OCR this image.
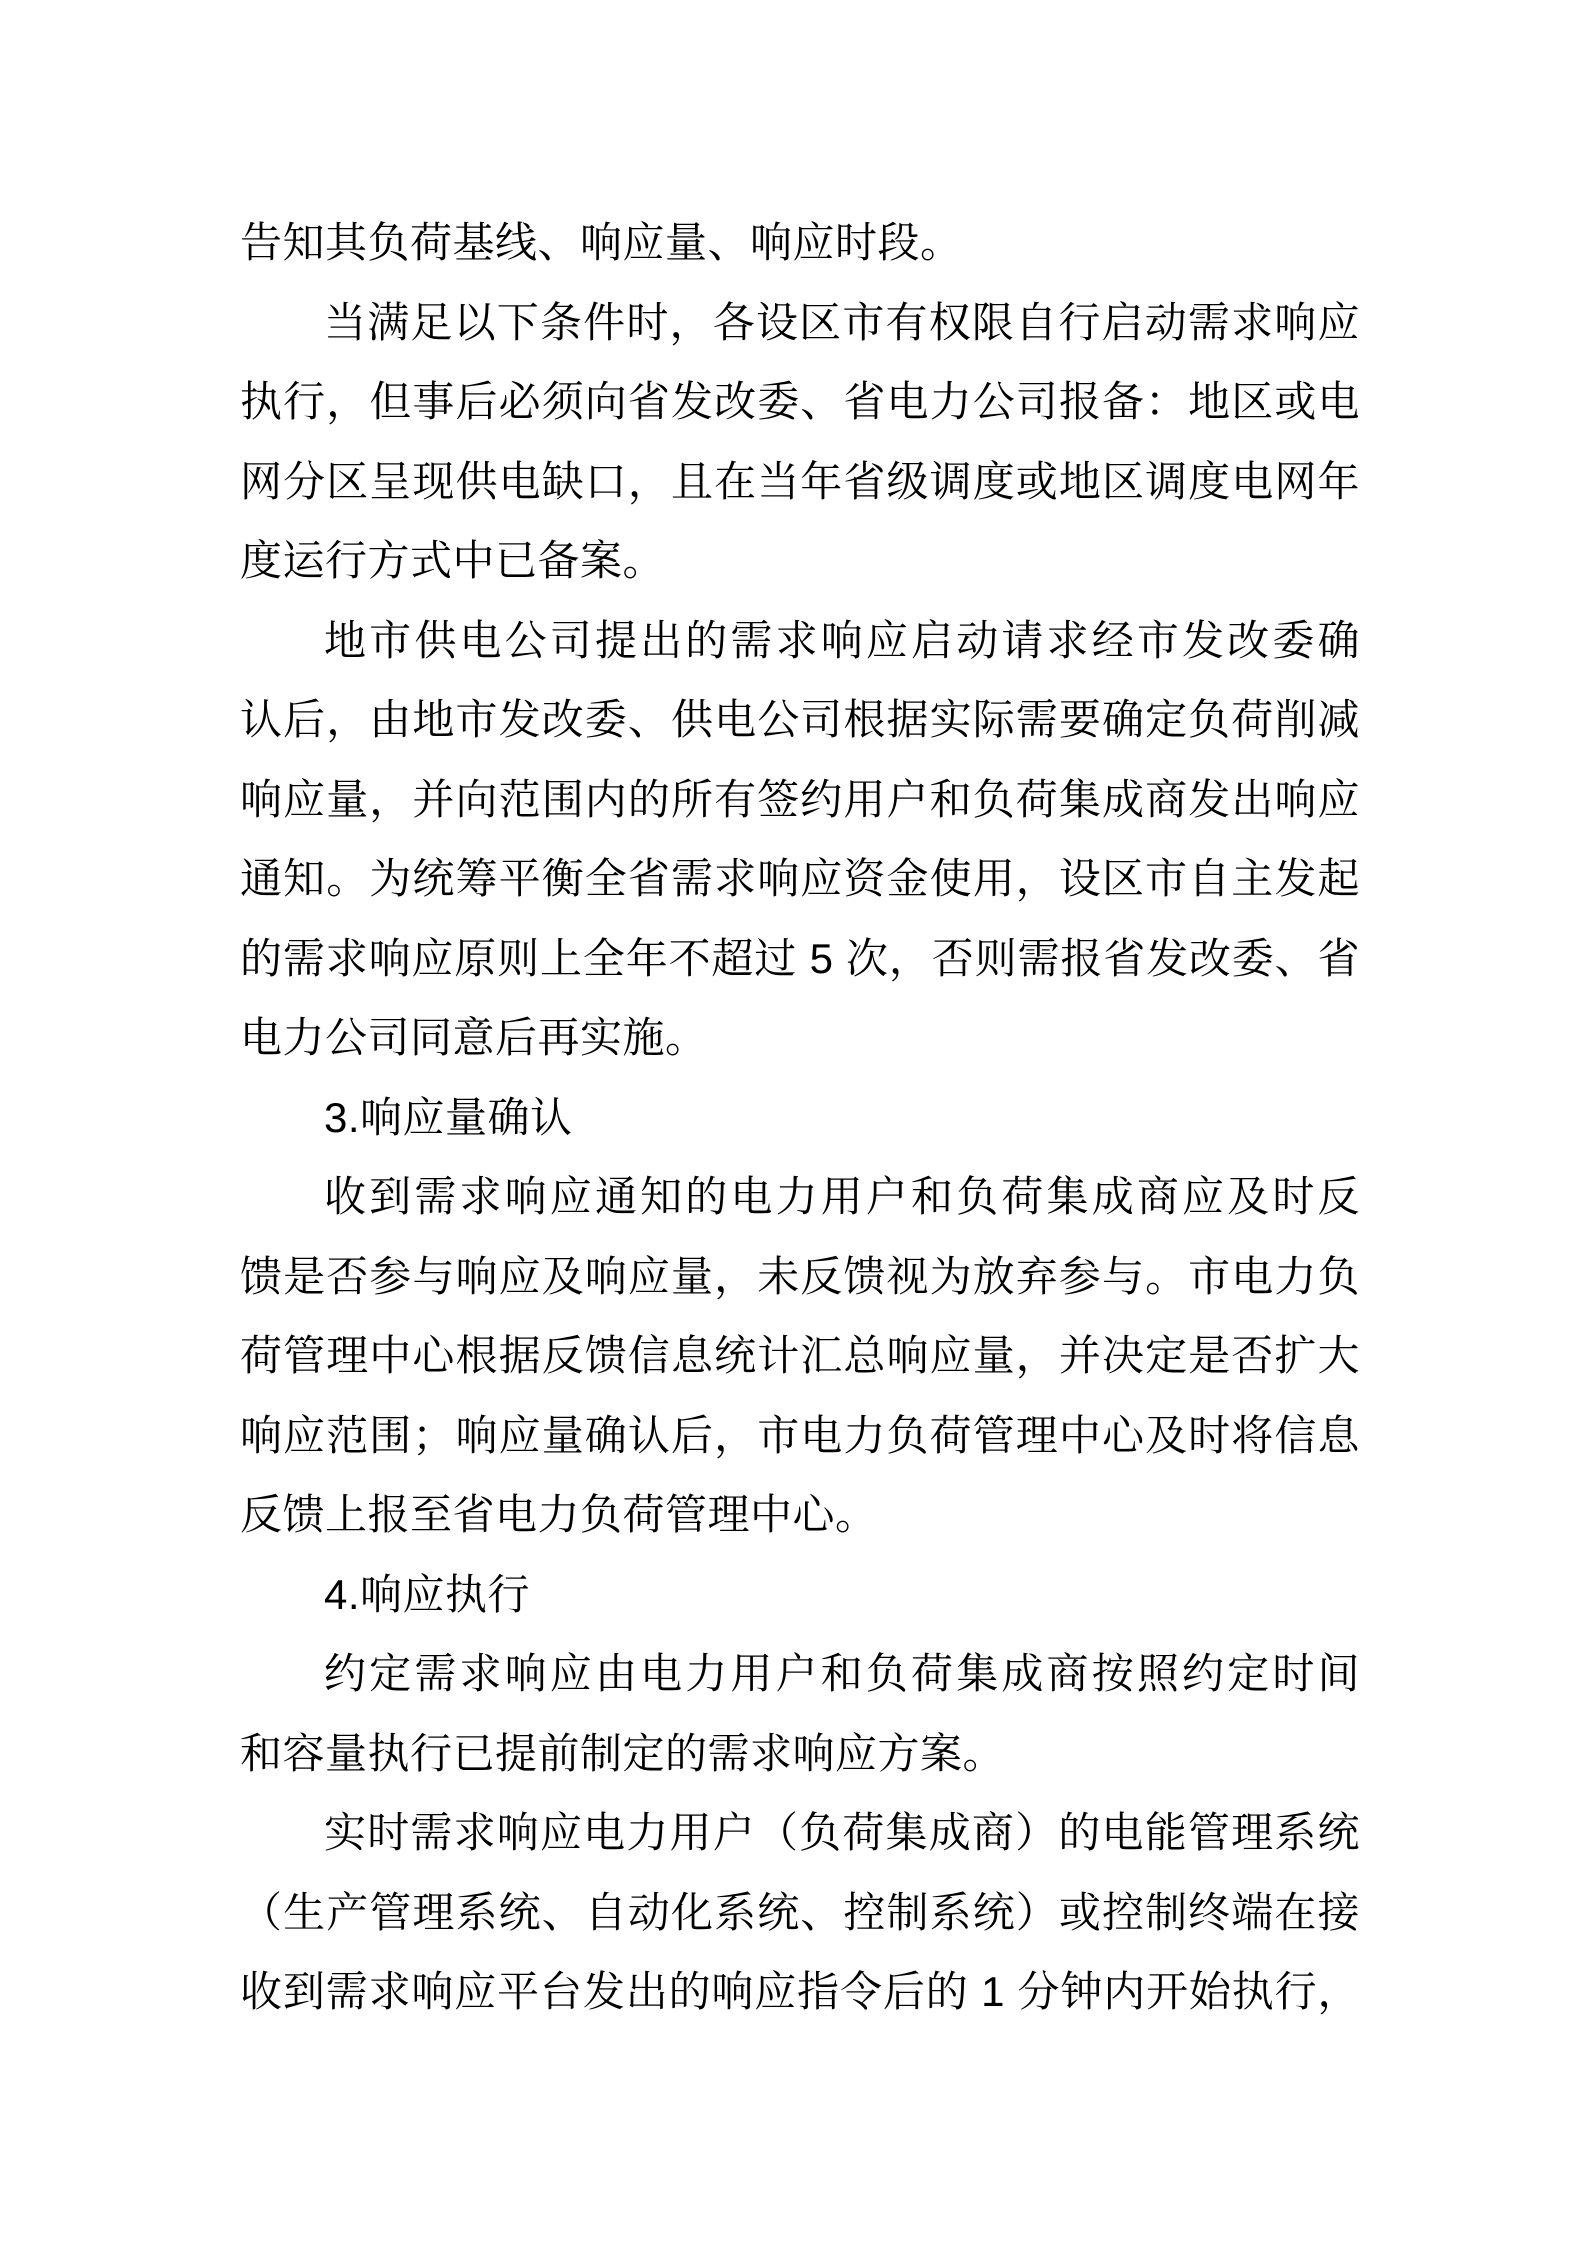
告知其负荷基线、响应量、响应时段。
当满足以下条件时，各设区市有权限自行启动需求响应
执行，但事后必须向省发改委、省电力公司报备：地区或电
网分区呈现供电缺口，且在当年省级调度或地区调度电网年
度运行方式中已备案。
地市供电公司提出的需求响应启动请求经市发改委确
认后，由地市发改委、供电公司根据实际需要确定负荷削减
响应量，并向范围内的所有签约用户和负荷集成商发出响应
通知。为统筹平衡全省需求响应资金使用，设区市自主发起
的需求响应原则上全年不超过 5 次，否则需报省发改委、省
电力公司同意后再实施。
3.响应量确认
收到需求响应通知的电力用户和负荷集成商应及时反
馈是否参与响应及响应量，未反馈视为放弃参与。市电力负
荷管理中心根据反馈信息统计汇总响应量，并决定是否扩大
响应范围；响应量确认后，市电力负荷管理中心及时将信息
反馈上报至省电力负荷管理中心。
4.响应执行
约定需求响应由电力用户和负荷集成商按照约定时间
和容量执行已提前制定的需求响应方案。
实时需求响应电力用户（负荷集成商）的电能管理系统
（生产管理系统、自动化系统、控制系统）或控制终端在接
收到需求响应平台发出的响应指令后的 1 分钟内开始执行，
